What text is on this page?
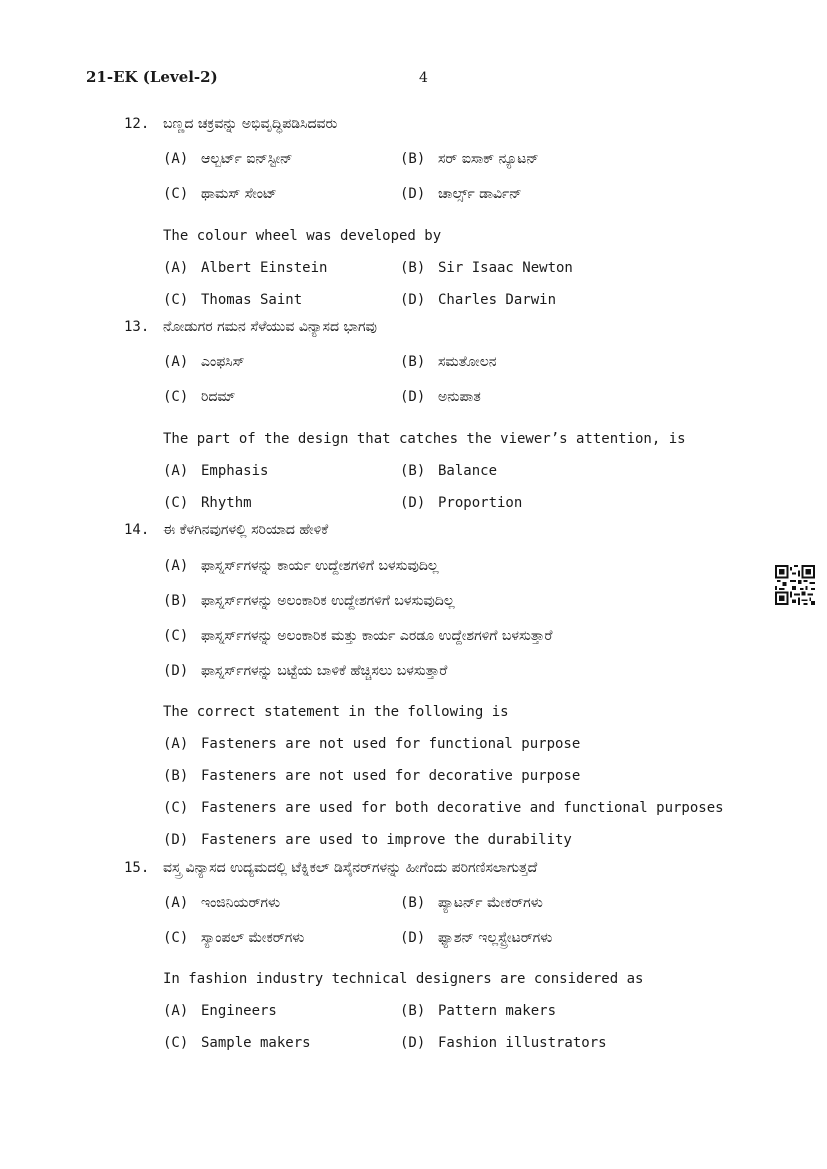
21-EK (Level-2)	4
12. ಬಣ್ಣದ ಚಕ್ರವನ್ನು ಅಭಿವೃದ್ಧಿಪಡಿಸಿದವರು
(A) ಆಲ್ಬರ್ಟ್ ಐನ್‌ಸ್ಟೀನ್	(B) ಸರ್ ಐಸಾಕ್ ನ್ಯೂಟನ್
(C) ಥಾಮಸ್ ಸೇಂಟ್	(D) ಚಾರ್ಲ್ಸ್ ಡಾರ್ವಿನ್
The colour wheel was developed by
(A) Albert Einstein	(B) Sir Isaac Newton
(C) Thomas Saint	(D) Charles Darwin
13. ನೋಡುಗರ ಗಮನ ಸೆಳೆಯುವ ವಿನ್ಯಾಸದ ಭಾಗವು
(A) ಎಂಫಸಿಸ್	(B) ಸಮತೋಲನ
(C) ರಿದಮ್	(D) ಅನುಪಾತ
The part of the design that catches the viewer’s attention, is
(A) Emphasis	(B) Balance
(C) Rhythm	(D) Proportion
14. ಈ ಕೆಳಗಿನವುಗಳಲ್ಲಿ ಸರಿಯಾದ ಹೇಳಿಕೆ
(A) ಫಾಸ್ನರ್ಸ್‌ಗಳನ್ನು ಕಾರ್ಯ ಉದ್ದೇಶಗಳಿಗೆ ಬಳಸುವುದಿಲ್ಲ
(B) ಫಾಸ್ನರ್ಸ್‌ಗಳನ್ನು ಅಲಂಕಾರಿಕ ಉದ್ದೇಶಗಳಿಗೆ ಬಳಸುವುದಿಲ್ಲ
(C) ಫಾಸ್ನರ್ಸ್‌ಗಳನ್ನು ಅಲಂಕಾರಿಕ ಮತ್ತು ಕಾರ್ಯ ಎರಡೂ ಉದ್ದೇಶಗಳಿಗೆ ಬಳಸುತ್ತಾರೆ
(D) ಫಾಸ್ನರ್ಸ್‌ಗಳನ್ನು ಬಟ್ಟೆಯ ಬಾಳಿಕೆ ಹೆಚ್ಚಿಸಲು ಬಳಸುತ್ತಾರೆ
The correct statement in the following is
(A) Fasteners are not used for functional purpose
(B) Fasteners are not used for decorative purpose
(C) Fasteners are used for both decorative and functional purposes
(D) Fasteners are used to improve the durability
15. ವಸ್ತ್ರ ವಿನ್ಯಾಸದ ಉದ್ಯಮದಲ್ಲಿ ಟೆಕ್ನಿಕಲ್ ಡಿಸೈನರ್‌ಗಳನ್ನು ಹೀಗೆಂದು ಪರಿಗಣಿಸಲಾಗುತ್ತದೆ
(A) ಇಂಜಿನಿಯರ್‌ಗಳು	(B) ಪ್ಯಾಟರ್ನ್ ಮೇಕರ್‌ಗಳು
(C) ಸ್ಯಾಂಪಲ್ ಮೇಕರ್‌ಗಳು	(D) ಫ್ಯಾಶನ್ ಇಲ್ಲಸ್ಟ್ರೇಟರ್‌ಗಳು
In fashion industry technical designers are considered as
(A) Engineers	(B) Pattern makers
(C) Sample makers	(D) Fashion illustrators
